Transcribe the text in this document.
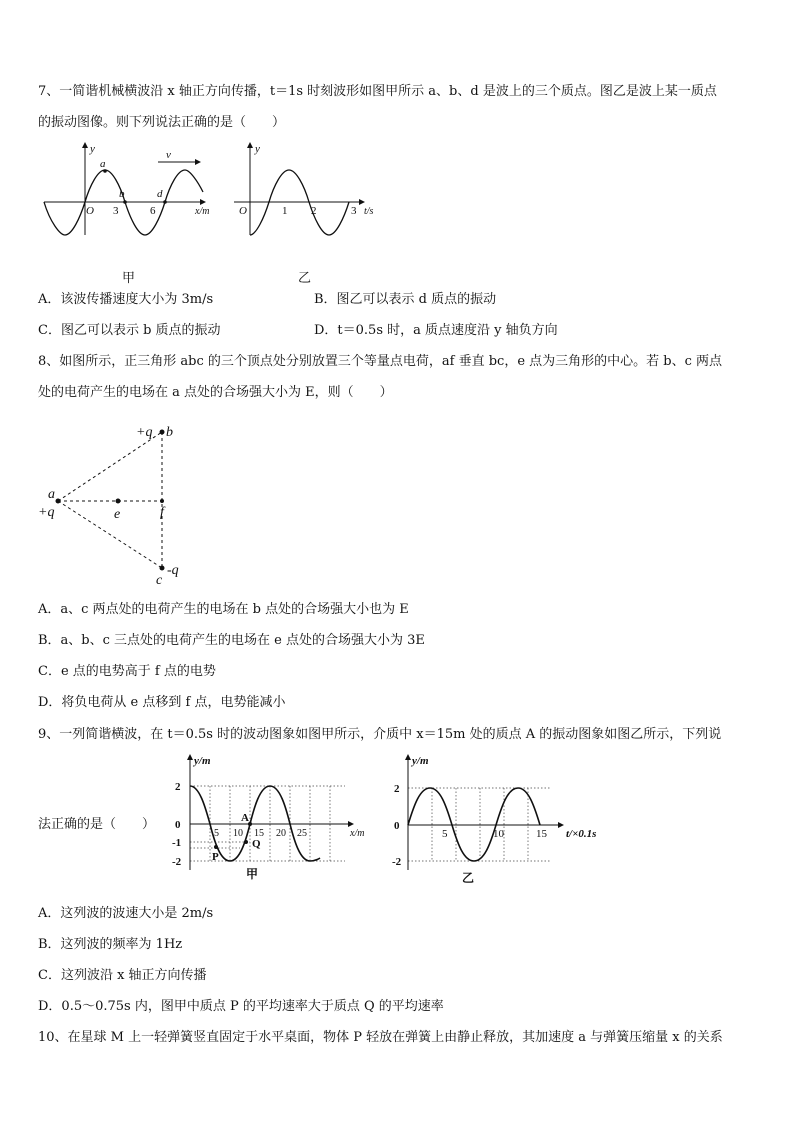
7、一简谐机械横波沿 x 轴正方向传播，t＝1s 时刻波形如图甲所示 a、b、d 是波上的三个质点。图乙是波上某一质点
的振动图像。则下列说法正确的是（　　）
y
a
v
b	d
O 3	6	x/m
y
O	1 2	3 t/s
甲	乙
A．该波传播速度大小为 3m/s	B．图乙可以表示 d 质点的振动
C．图乙可以表示 b 质点的振动	D．t＝0.5s 时，a 质点速度沿 y 轴负方向
8、如图所示，正三角形 abc 的三个顶点处分别放置三个等量点电荷，af 垂直 bc，e 点为三角形的中心。若 b、c 两点
处的电荷产生的电场在 a 点处的合场强大小为 E，则（　　）
+q b
a
+q	e	f
c
-q
A．a、c 两点处的电荷产生的电场在 b 点处的合场强大小也为 E
B．a、b、c 三点处的电荷产生的电场在 e 点处的合场强大小为 3E
C．e 点的电势高于 f 点的电势
D．将负电荷从 e 点移到 f 点，电势能减小
9、一列简谐横波，在 t＝0.5s 时的波动图象如图甲所示，介质中 x＝15m 处的质点 A 的振动图象如图乙所示，下列说
法正确的是（　　）
y/m
2
0
-1
-2
5 10 15 20 25	x/m
A
P
Q
甲
y/m
2
0
-2
5	10	15 t/×0.1s
乙
A．这列波的波速大小是 2m/s
B．这列波的频率为 1Hz
C．这列波沿 x 轴正方向传播
D．0.5～0.75s 内，图甲中质点 P 的平均速率大于质点 Q 的平均速率
10、在星球 M 上一轻弹簧竖直固定于水平桌面，物体 P 轻放在弹簧上由静止释放，其加速度 a 与弹簧压缩量 x 的关系
